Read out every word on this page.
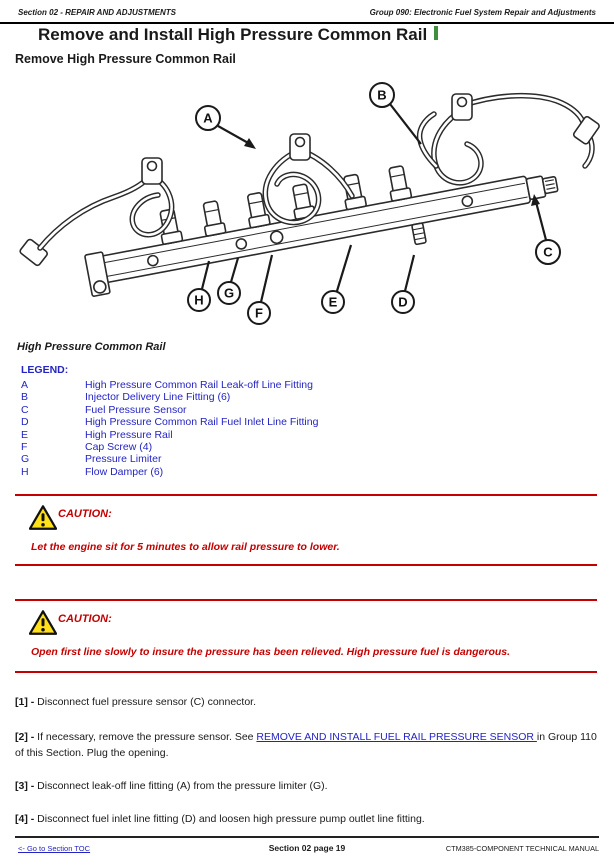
Section 02 - REPAIR AND ADJUSTMENTS	Group 090: Electronic Fuel System Repair and Adjustments
Remove and Install High Pressure Common Rail
Remove High Pressure Common Rail
A
B
C
D
E
F
G
H
High Pressure Common Rail
LEGEND:
A	High Pressure Common Rail Leak-off Line Fitting
B	Injector Delivery Line Fitting (6)
C	Fuel Pressure Sensor
D	High Pressure Common Rail Fuel Inlet Line Fitting
E	High Pressure Rail
F	Cap Screw (4)
G	Pressure Limiter
H	Flow Damper (6)
CAUTION:
Let the engine sit for 5 minutes to allow rail pressure to lower.
CAUTION:
Open first line slowly to insure the pressure has been relieved. High pressure fuel is dangerous.
[1] - Disconnect fuel pressure sensor (C) connector.
[2] - If necessary, remove the pressure sensor. See REMOVE AND INSTALL FUEL RAIL PRESSURE SENSOR in Group 110 of this Section. Plug the opening.
[3] - Disconnect leak-off line fitting (A) from the pressure limiter (G).
[4] - Disconnect fuel inlet line fitting (D) and loosen high pressure pump outlet line fitting.
<- Go to Section TOC	Section 02 page 19	CTM385-COMPONENT TECHNICAL MANUAL
